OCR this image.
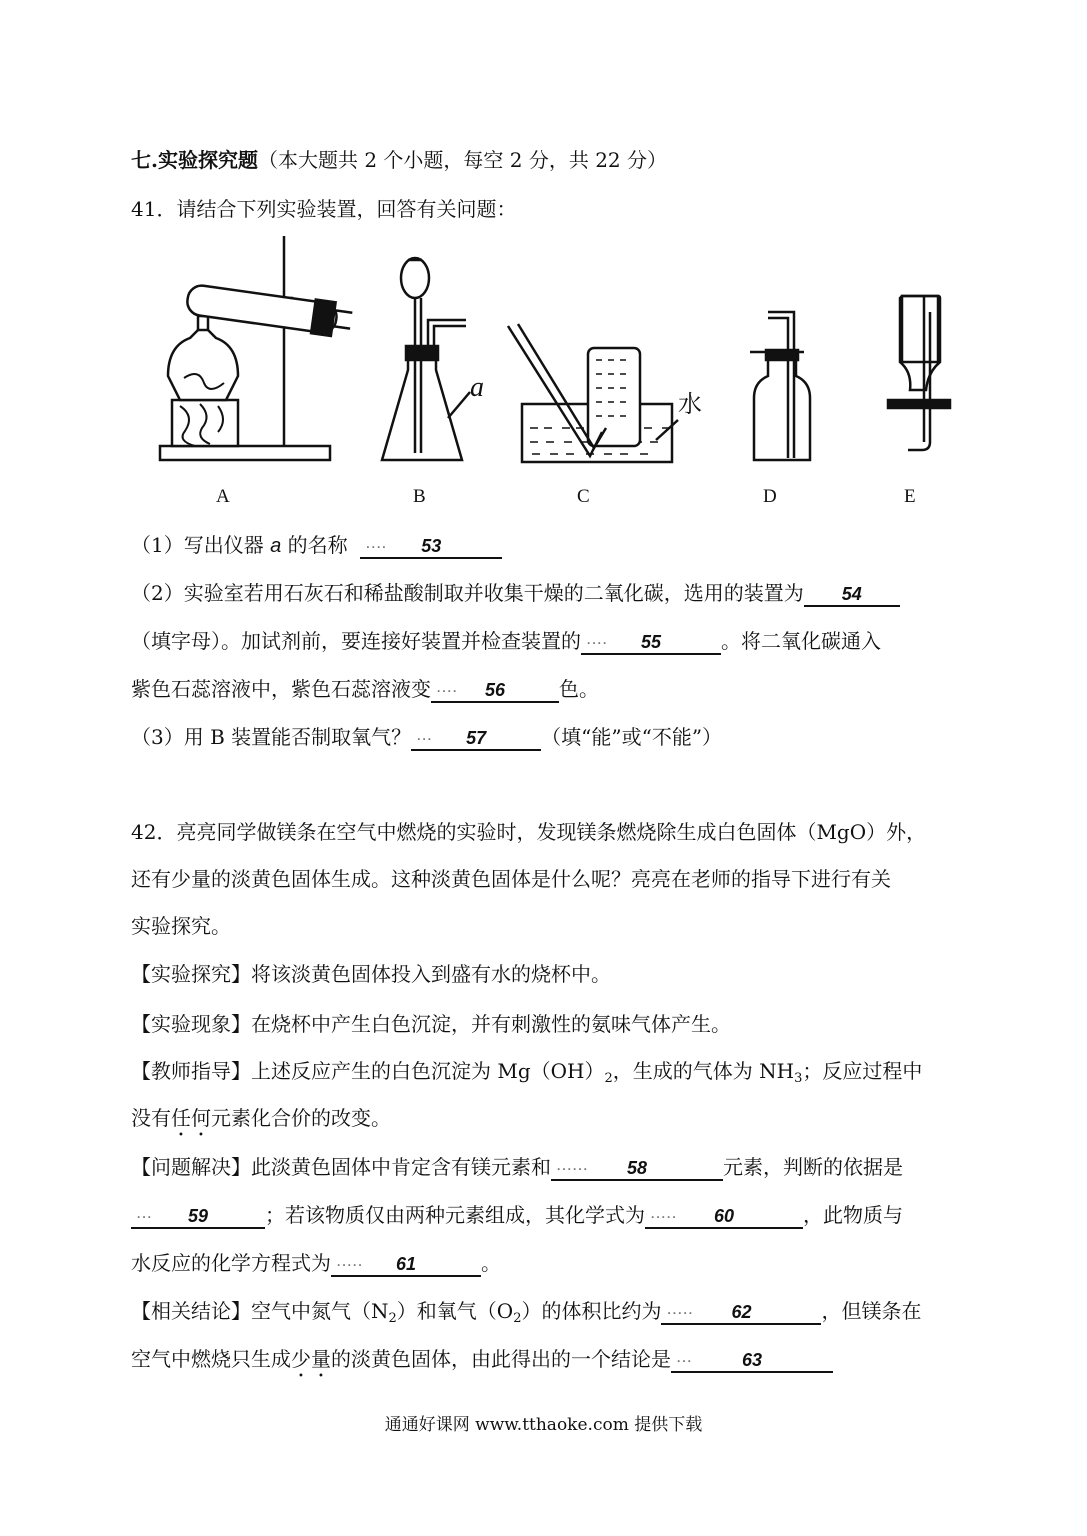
七.实验探究题（本大题共 2 个小题，每空 2 分，共 22 分）
41．请结合下列实验装置，回答有关问题：
a
水
A	B	C	D	E
（1）写出仪器 a 的名称 .... 53
（2）实验室若用石灰石和稀盐酸制取并收集干燥的二氧化碳，选用的装置为 54
（填字母）。加试剂前，要连接好装置并检查装置的 .... 55	。将二氧化碳通入
紫色石蕊溶液中，紫色石蕊溶液变 .... 56	色。
（3）用 B 装置能否制取氧气？ ... 57	（填“能”或“不能”）
42．亮亮同学做镁条在空气中燃烧的实验时，发现镁条燃烧除生成白色固体（MgO）外，
还有少量的淡黄色固体生成。这种淡黄色固体是什么呢？亮亮在老师的指导下进行有关
实验探究。
【实验探究】将该淡黄色固体投入到盛有水的烧杯中。
【实验现象】在烧杯中产生白色沉淀，并有刺激性的氨味气体产生。
【教师指导】上述反应产生的白色沉淀为 $Mg(OH)_2$，生成的气体为 $NH_3$；反应过程中
没有任何元素化合价的改变。
【问题解决】此淡黄色固体中肯定含有镁元素和 ...... 58	元素，判断的依据是
... 59	；若该物质仅由两种元素组成，其化学式为 ..... 60	，此物质与
水反应的化学方程式为 ..... 61	。
【相关结论】空气中氮气$(N_2)$和氧气$(O_2)$的体积比约为 ..... 62	，但镁条在
空气中燃烧只生成少量的淡黄色固体，由此得出的一个结论是 ...	63
通通好课网 www.tthaoke.com 提供下载
